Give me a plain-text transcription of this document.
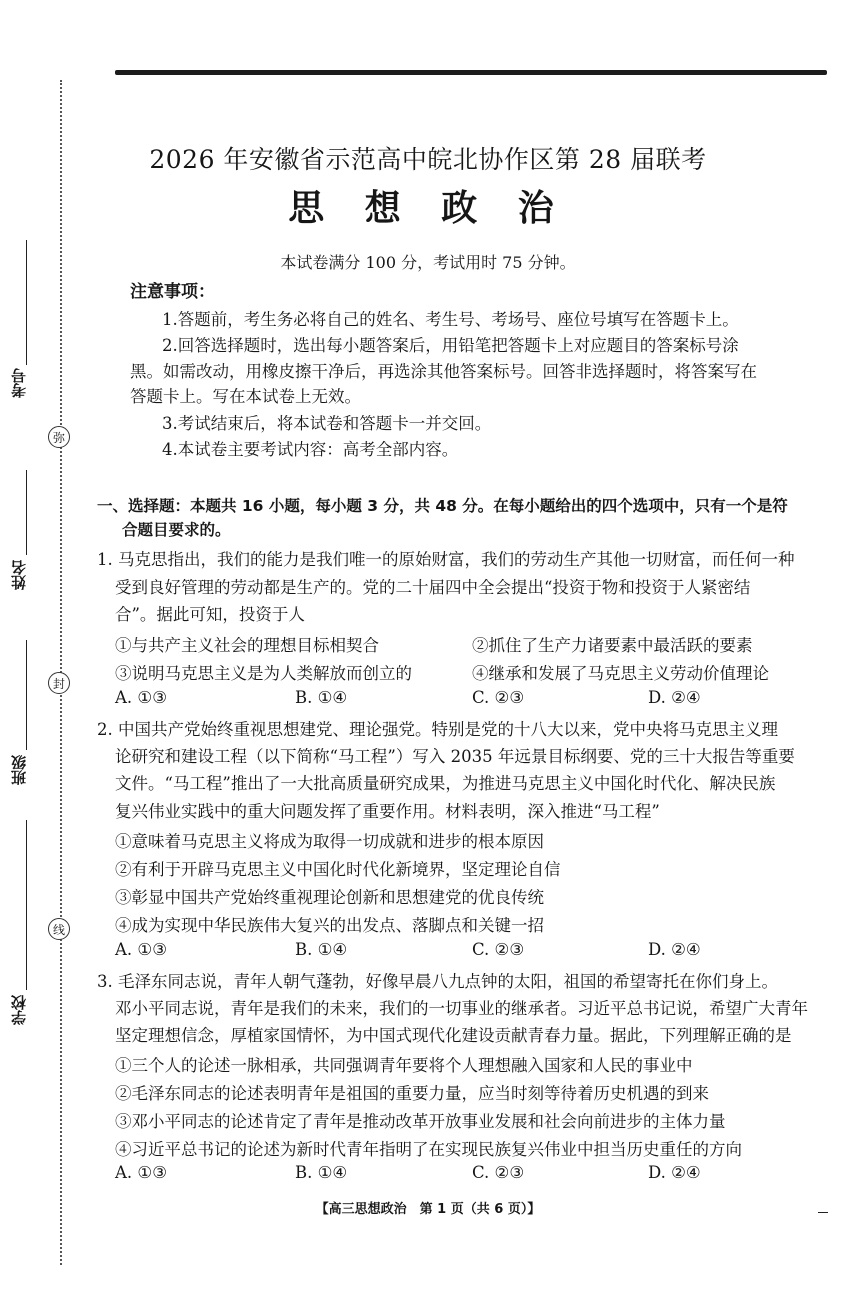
弥
封
线
考号
姓名
班级
学校
2026 年安徽省示范高中皖北协作区第 28 届联考
思 想 政 治
本试卷满分 100 分，考试用时 75 分钟。
注意事项：
1.答题前，考生务必将自己的姓名、考生号、考场号、座位号填写在答题卡上。
2.回答选择题时，选出每小题答案后，用铅笔把答题卡上对应题目的答案标号涂
黑。如需改动，用橡皮擦干净后，再选涂其他答案标号。回答非选择题时，将答案写在
答题卡上。写在本试卷上无效。
3.考试结束后，将本试卷和答题卡一并交回。
4.本试卷主要考试内容：高考全部内容。
一、选择题：本题共 16 小题，每小题 3 分，共 48 分。在每小题给出的四个选项中，只有一个是符
合题目要求的。
1. 马克思指出，我们的能力是我们唯一的原始财富，我们的劳动生产其他一切财富，而任何一种
受到良好管理的劳动都是生产的。党的二十届四中全会提出“投资于物和投资于人紧密结
合”。据此可知，投资于人
①与共产主义社会的理想目标相契合	②抓住了生产力诸要素中最活跃的要素
③说明马克思主义是为人类解放而创立的	④继承和发展了马克思主义劳动价值理论
A. ①③	B. ①④	C. ②③	D. ②④
2. 中国共产党始终重视思想建党、理论强党。特别是党的十八大以来，党中央将马克思主义理
论研究和建设工程（以下简称“马工程”）写入 2035 年远景目标纲要、党的三十大报告等重要
文件。“马工程”推出了一大批高质量研究成果，为推进马克思主义中国化时代化、解决民族
复兴伟业实践中的重大问题发挥了重要作用。材料表明，深入推进“马工程”
①意味着马克思主义将成为取得一切成就和进步的根本原因
②有利于开辟马克思主义中国化时代化新境界，坚定理论自信
③彰显中国共产党始终重视理论创新和思想建党的优良传统
④成为实现中华民族伟大复兴的出发点、落脚点和关键一招
A. ①③	B. ①④	C. ②③	D. ②④
3. 毛泽东同志说，青年人朝气蓬勃，好像早晨八九点钟的太阳，祖国的希望寄托在你们身上。
邓小平同志说，青年是我们的未来，我们的一切事业的继承者。习近平总书记说，希望广大青年
坚定理想信念，厚植家国情怀，为中国式现代化建设贡献青春力量。据此，下列理解正确的是
①三个人的论述一脉相承，共同强调青年要将个人理想融入国家和人民的事业中
②毛泽东同志的论述表明青年是祖国的重要力量，应当时刻等待着历史机遇的到来
③邓小平同志的论述肯定了青年是推动改革开放事业发展和社会向前进步的主体力量
④习近平总书记的论述为新时代青年指明了在实现民族复兴伟业中担当历史重任的方向
A. ①③	B. ①④	C. ②③	D. ②④
【高三思想政治　第 1 页（共 6 页）】
